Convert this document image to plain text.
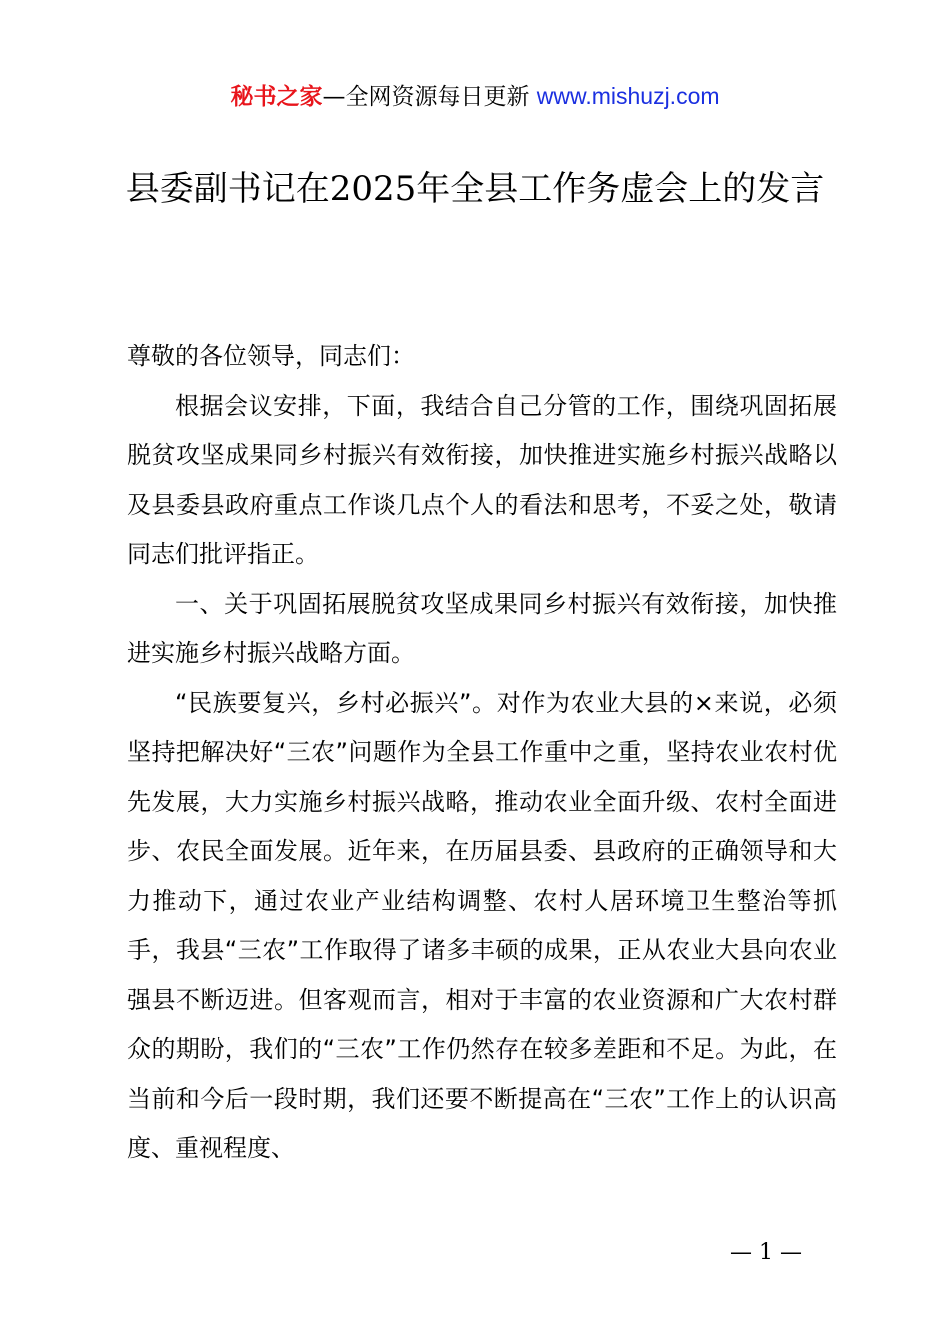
秘书之家—全网资源每日更新 www.mishuzj.com
县委副书记在2025年全县工作务虚会上的发言

尊敬的各位领导，同志们：

根据会议安排，下面，我结合自己分管的工作，围绕巩固拓展脱贫攻坚成果同乡村振兴有效衔接，加快推进实施乡村振兴战略以及县委县政府重点工作谈几点个人的看法和思考，不妥之处，敬请同志们批评指正。

一、关于巩固拓展脱贫攻坚成果同乡村振兴有效衔接，加快推进实施乡村振兴战略方面。

“民族要复兴，乡村必振兴”。对作为农业大县的×来说，必须坚持把解决好“三农”问题作为全县工作重中之重，坚持农业农村优先发展，大力实施乡村振兴战略，推动农业全面升级、农村全面进步、农民全面发展。近年来，在历届县委、县政府的正确领导和大力推动下，通过农业产业结构调整、农村人居环境卫生整治等抓手，我县“三农”工作取得了诸多丰硕的成果，正从农业大县向农业强县不断迈进。但客观而言，相对于丰富的农业资源和广大农村群众的期盼，我们的“三农”工作仍然存在较多差距和不足。为此，在当前和今后一段时期，我们还要不断提高在“三农”工作上的认识高度、重视程度、

— 1 —
